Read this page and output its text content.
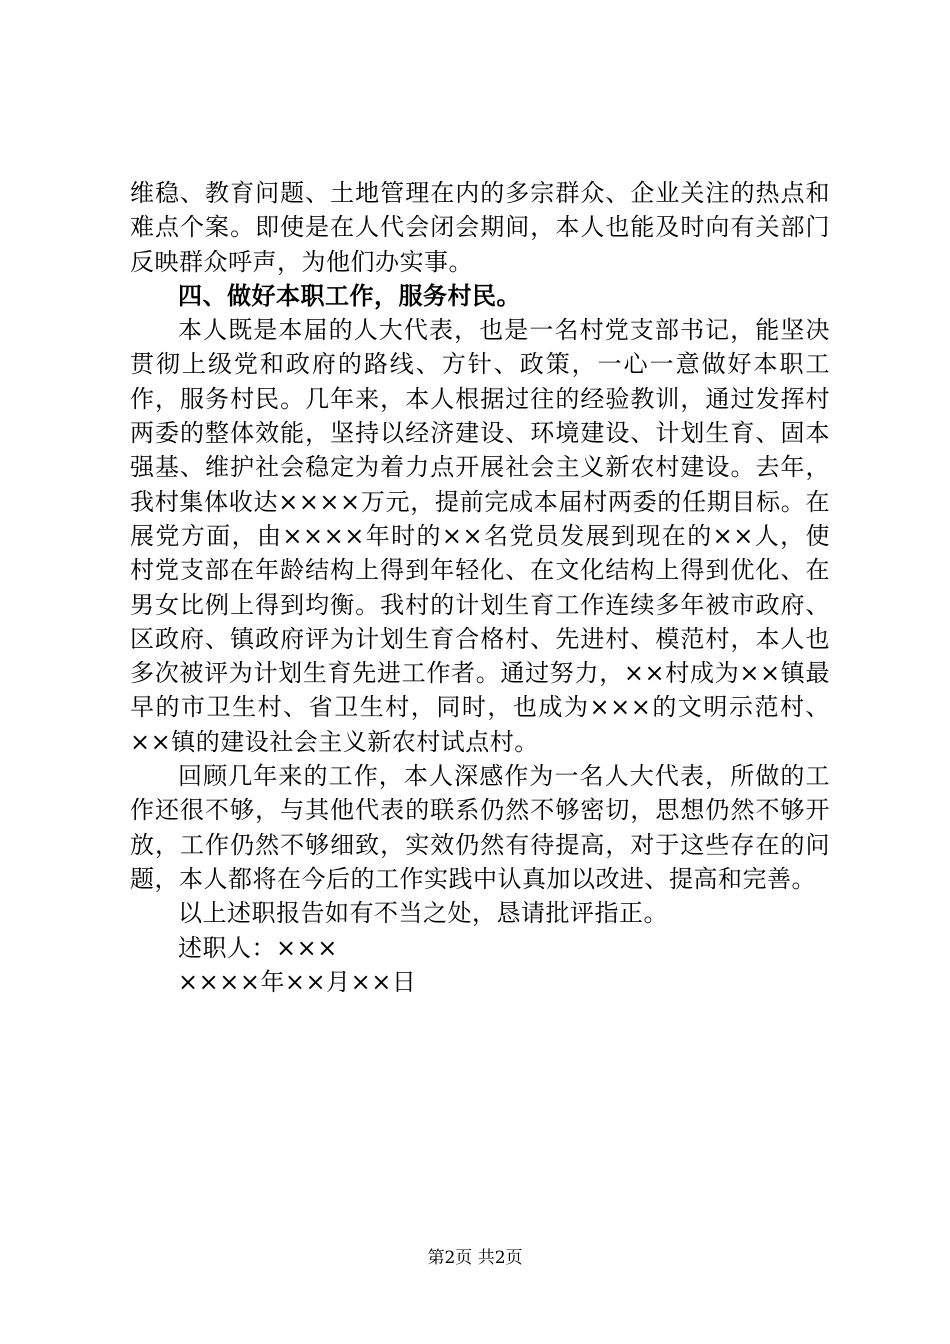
维稳、教育问题、土地管理在内的多宗群众、企业关注的热点和难点个案。即使是在人代会闭会期间，本人也能及时向有关部门反映群众呼声，为他们办实事。

四、做好本职工作，服务村民。

本人既是本届的人大代表，也是一名村党支部书记，能坚决贯彻上级党和政府的路线、方针、政策，一心一意做好本职工作，服务村民。几年来，本人根据过往的经验教训，通过发挥村两委的整体效能，坚持以经济建设、环境建设、计划生育、固本强基、维护社会稳定为着力点开展社会主义新农村建设。去年，我村集体收达××××万元，提前完成本届村两委的任期目标。在展党方面，由××××年时的××名党员发展到现在的××人，使村党支部在年龄结构上得到年轻化、在文化结构上得到优化、在男女比例上得到均衡。我村的计划生育工作连续多年被市政府、区政府、镇政府评为计划生育合格村、先进村、模范村，本人也多次被评为计划生育先进工作者。通过努力，××村成为××镇最早的市卫生村、省卫生村，同时，也成为×××的文明示范村、××镇的建设社会主义新农村试点村。

回顾几年来的工作，本人深感作为一名人大代表，所做的工作还很不够，与其他代表的联系仍然不够密切，思想仍然不够开放，工作仍然不够细致，实效仍然有待提高，对于这些存在的问题，本人都将在今后的工作实践中认真加以改进、提高和完善。

以上述职报告如有不当之处，恳请批评指正。

述职人：×××

××××年××月××日

第2页 共2页
